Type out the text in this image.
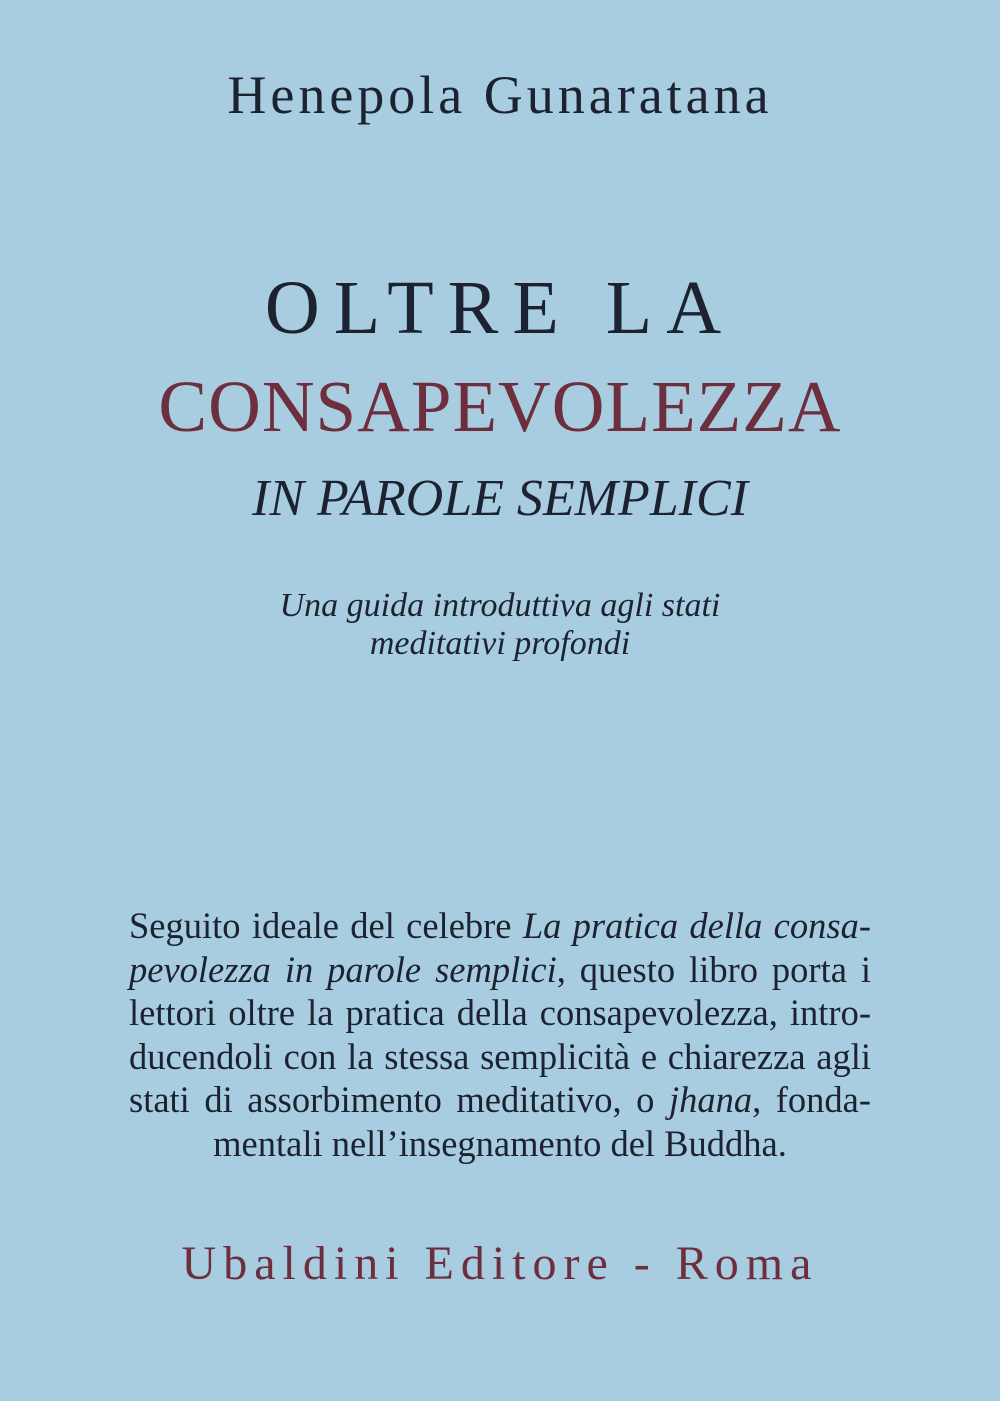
Henepola Gunaratana
OLTRE LA
CONSAPEVOLEZZA
IN PAROLE SEMPLICI
Una guida introduttiva agli stati
meditativi profondi
Seguito ideale del celebre La pratica della consa-
pevolezza in parole semplici, questo libro porta i
lettori oltre la pratica della consapevolezza, intro-
ducendoli con la stessa semplicità e chiarezza agli
stati di assorbimento meditativo, o jhana, fonda-
mentali nell’insegnamento del Buddha.
Ubaldini Editore - Roma
